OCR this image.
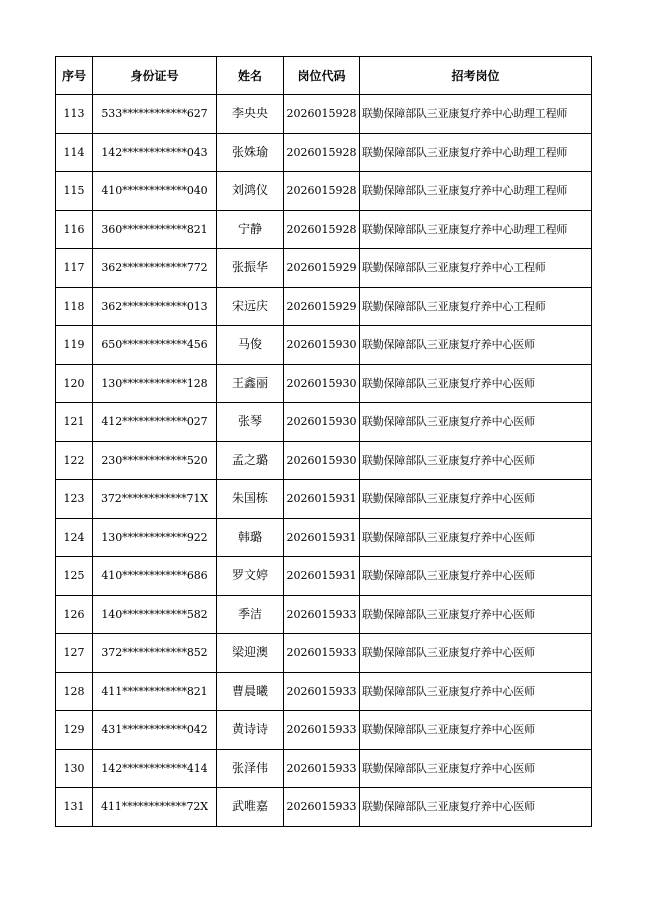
序号	身份证号	姓名	岗位代码	招考岗位
113	533************627	李央央	2026015928	联勤保障部队三亚康复疗养中心助理工程师
114	142************043	张姝瑜	2026015928	联勤保障部队三亚康复疗养中心助理工程师
115	410************040	刘鸿仪	2026015928	联勤保障部队三亚康复疗养中心助理工程师
116	360************821	宁静	2026015928	联勤保障部队三亚康复疗养中心助理工程师
117	362************772	张振华	2026015929	联勤保障部队三亚康复疗养中心工程师
118	362************013	宋远庆	2026015929	联勤保障部队三亚康复疗养中心工程师
119	650************456	马俊	2026015930	联勤保障部队三亚康复疗养中心医师
120	130************128	王鑫丽	2026015930	联勤保障部队三亚康复疗养中心医师
121	412************027	张琴	2026015930	联勤保障部队三亚康复疗养中心医师
122	230************520	孟之璐	2026015930	联勤保障部队三亚康复疗养中心医师
123	372************71X	朱国栋	2026015931	联勤保障部队三亚康复疗养中心医师
124	130************922	韩璐	2026015931	联勤保障部队三亚康复疗养中心医师
125	410************686	罗文婷	2026015931	联勤保障部队三亚康复疗养中心医师
126	140************582	季洁	2026015933	联勤保障部队三亚康复疗养中心医师
127	372************852	梁迎澳	2026015933	联勤保障部队三亚康复疗养中心医师
128	411************821	曹晨曦	2026015933	联勤保障部队三亚康复疗养中心医师
129	431************042	黄诗诗	2026015933	联勤保障部队三亚康复疗养中心医师
130	142************414	张泽伟	2026015933	联勤保障部队三亚康复疗养中心医师
131	411************72X	武唯嘉	2026015933	联勤保障部队三亚康复疗养中心医师
